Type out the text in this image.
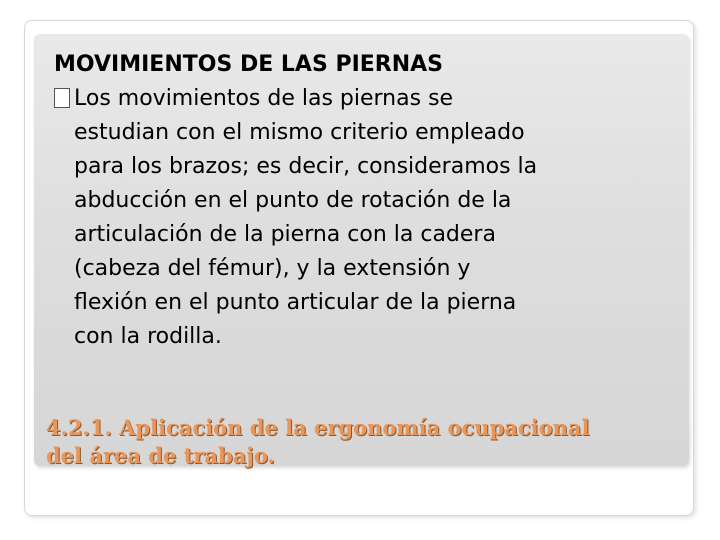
MOVIMIENTOS DE LAS PIERNAS
Los movimientos de las piernas se
estudian con el mismo criterio empleado
para los brazos; es decir, consideramos la
abducción en el punto de rotación de la
articulación de la pierna con la cadera
(cabeza del fémur), y la extensión y
flexión en el punto articular de la pierna
con la rodilla.
4.2.1. Aplicación de la ergonomía ocupacional
del área de trabajo.
